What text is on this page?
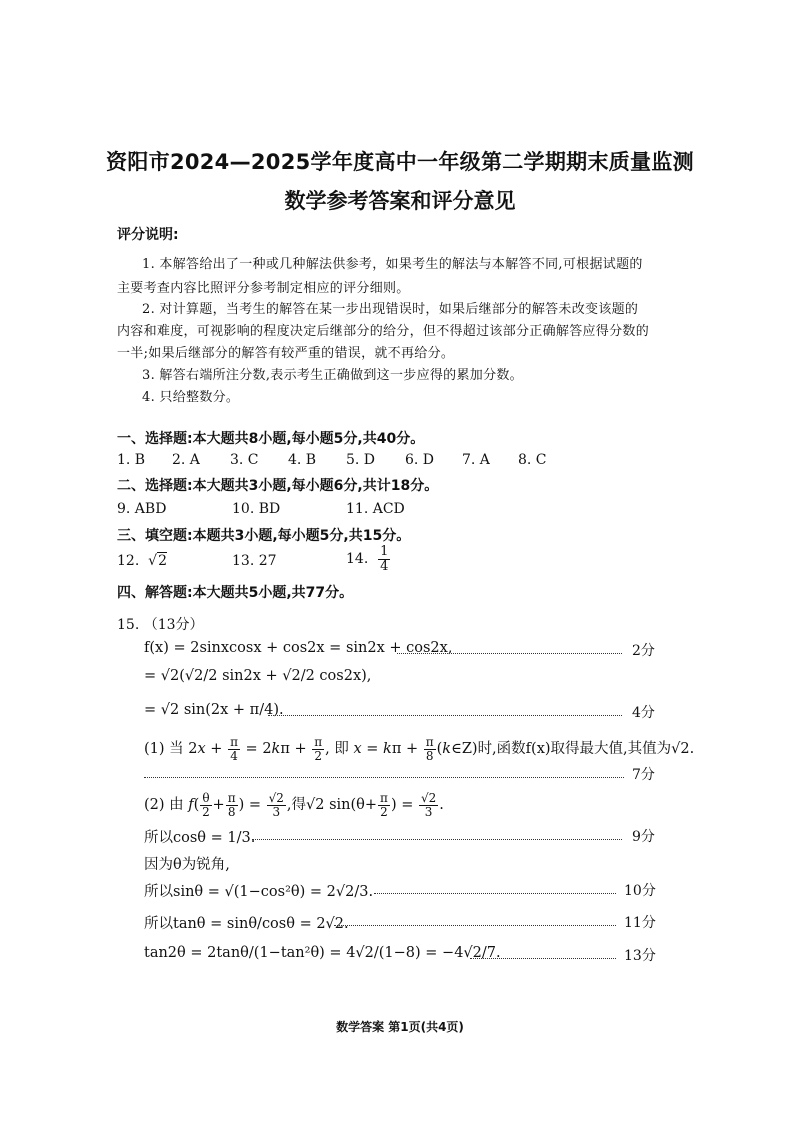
资阳市2024—2025学年度高中一年级第二学期期末质量监测
数学参考答案和评分意见
评分说明:
1. 本解答给出了一种或几种解法供参考，如果考生的解法与本解答不同,可根据试题的
主要考查内容比照评分参考制定相应的评分细则。
2. 对计算题，当考生的解答在某一步出现错误时，如果后继部分的解答未改变该题的
内容和难度，可视影响的程度决定后继部分的给分，但不得超过该部分正确解答应得分数的
一半;如果后继部分的解答有较严重的错误，就不再给分。
3. 解答右端所注分数,表示考生正确做到这一步应得的累加分数。
4. 只给整数分。
一、选择题:本大题共8小题,每小题5分,共40分。
1. B 2. A 3. C 4. B 5. D 6. D 7. A 8. C
二、选择题:本大题共3小题,每小题6分,共计18分。
9. ABD	10. BD	11. ACD
三、填空题:本题共3小题,每小题5分,共15分。
12.  √2	13. 27	14. $\frac{1}{4}$
四、解答题:本大题共5小题,共77分。
15. （13分）
f(x) = 2sinxcosx + cos2x = sin2x + cos2x,	2分
= √2(√2/2 sin2x + √2/2 cos2x),
= √2 sin(2x + π/4).	4分
(1) 当 $2x + \frac{\pi}{4} = 2k\pi + \frac{\pi}{2}$ , 即 $x = k\pi + \frac{\pi}{8}$ (k∈Z)时,函数f(x)取得最大值,其值为√2.
7分
(2) 由 $f( \frac{\theta}{2} + \frac{\pi}{8}$ ) = $\frac{√2}{3}$ ,得√2 $\sin(\theta+ \frac{\pi}{2}$ ) = $\frac{√2}{3}$ .
所以cosθ = 1/3.	9分
因为θ为锐角,
所以sinθ = √(1−cos²θ) = 2√2/3.	10分
所以tanθ = sinθ/cosθ = 2√2.	11分
tan2θ = 2tanθ/(1−tan²θ) = 4√2/(1−8) = −4√2/7.	13分
数学答案 第1页(共4页)
